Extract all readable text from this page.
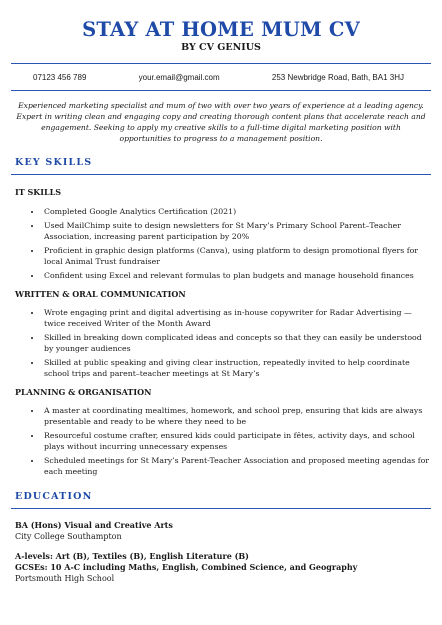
STAY AT HOME MUM CV
BY CV GENIUS
07123 456 789	your.email@gmail.com	253 Newbridge Road, Bath, BA1 3HJ
Experienced marketing specialist and mum of two with over two years of experience at a leading agency. Expert in writing clean and engaging copy and creating thorough content plans that accelerate reach and engagement. Seeking to apply my creative skills to a full-time digital marketing position with opportunities to progress to a management position.
KEY SKILLS
IT SKILLS
• Completed Google Analytics Certification (2021)
• Used MailChimp suite to design newsletters for St Mary’s Primary School Parent–Teacher Association, increasing parent participation by 20%
• Proficient in graphic design platforms (Canva), using platform to design promotional flyers for local Animal Trust fundraiser
• Confident using Excel and relevant formulas to plan budgets and manage household finances
WRITTEN & ORAL COMMUNICATION
• Wrote engaging print and digital advertising as in-house copywriter for Radar Advertising — twice received Writer of the Month Award
• Skilled in breaking down complicated ideas and concepts so that they can easily be understood by younger audiences
• Skilled at public speaking and giving clear instruction, repeatedly invited to help coordinate school trips and parent–teacher meetings at St Mary’s
PLANNING & ORGANISATION
• A master at coordinating mealtimes, homework, and school prep, ensuring that kids are always presentable and ready to be where they need to be
• Resourceful costume crafter, ensured kids could participate in fêtes, activity days, and school plays without incurring unnecessary expenses
• Scheduled meetings for St Mary’s Parent-Teacher Association and proposed meeting agendas for each meeting
EDUCATION
BA (Hons) Visual and Creative Arts
City College Southampton
A-levels: Art (B), Textiles (B), English Literature (B)
GCSEs: 10 A-C including Maths, English, Combined Science, and Geography
Portsmouth High School
